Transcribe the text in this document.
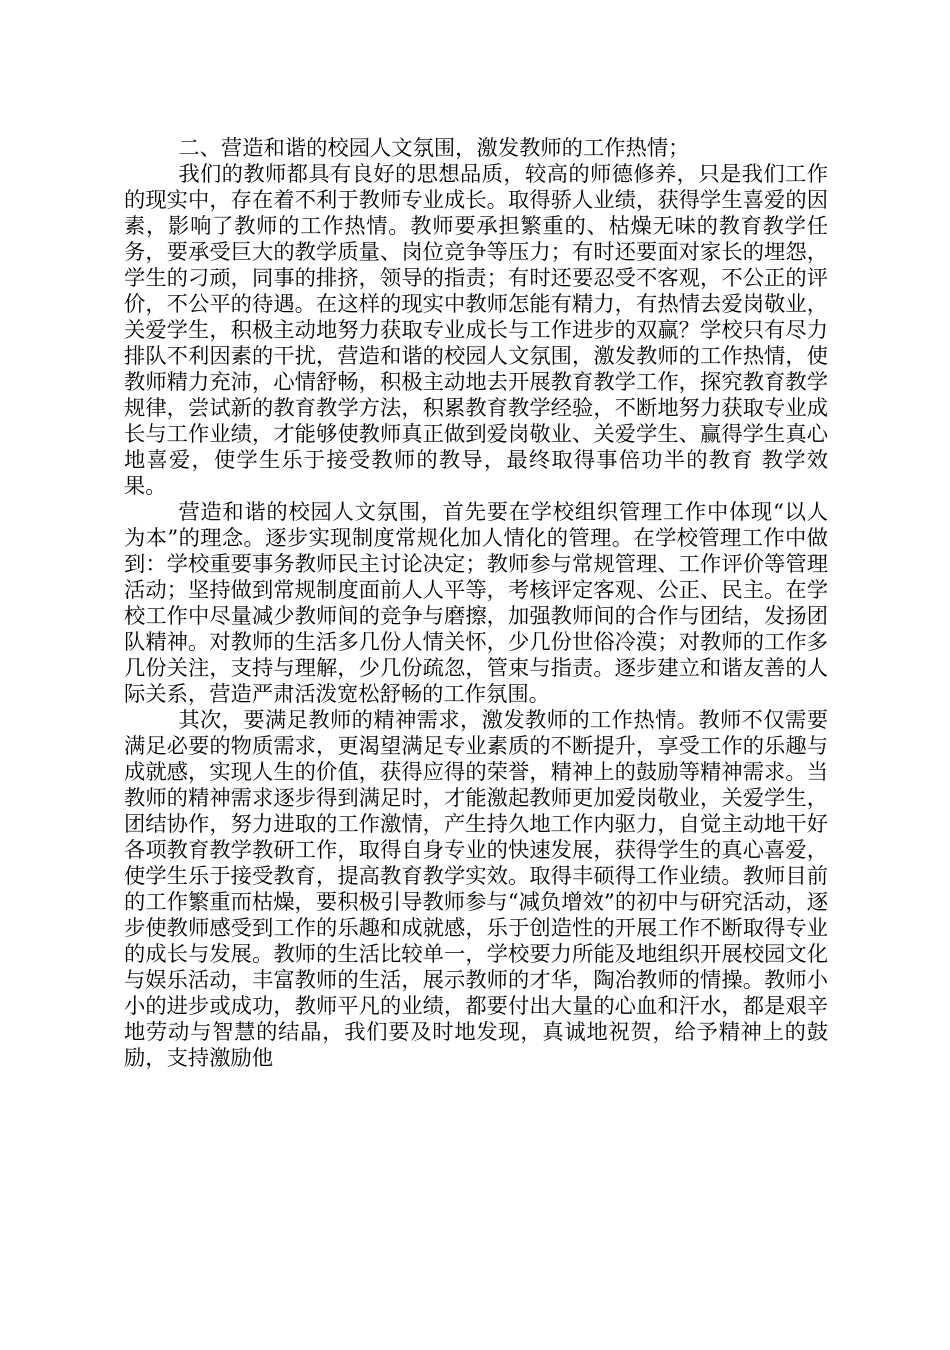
二、营造和谐的校园人文氛围，激发教师的工作热情；

我们的教师都具有良好的思想品质，较高的师德修养，只是我们工作的现实中，存在着不利于教师专业成长。取得骄人业绩，获得学生喜爱的因素，影响了教师的工作热情。教师要承担繁重的、枯燥无味的教育教学任务，要承受巨大的教学质量、岗位竞争等压力；有时还要面对家长的埋怨，学生的刁顽，同事的排挤，领导的指责；有时还要忍受不客观，不公正的评价，不公平的待遇。在这样的现实中教师怎能有精力，有热情去爱岗敬业，关爱学生，积极主动地努力获取专业成长与工作进步的双赢？学校只有尽力排队不利因素的干扰，营造和谐的校园人文氛围，激发教师的工作热情，使教师精力充沛，心情舒畅，积极主动地去开展教育教学工作，探究教育教学规律，尝试新的教育教学方法，积累教育教学经验，不断地努力获取专业成长与工作业绩，才能够使教师真正做到爱岗敬业、关爱学生、赢得学生真心地喜爱，使学生乐于接受教师的教导，最终取得事倍功半的教育 教学效果。

营造和谐的校园人文氛围，首先要在学校组织管理工作中体现“以人为本”的理念。逐步实现制度常规化加人情化的管理。在学校管理工作中做到：学校重要事务教师民主讨论决定；教师参与常规管理、工作评价等管理活动；坚持做到常规制度面前人人平等，考核评定客观、公正、民主。在学校工作中尽量减少教师间的竞争与磨擦，加强教师间的合作与团结，发扬团队精神。对教师的生活多几份人情关怀，少几份世俗冷漠；对教师的工作多几份关注，支持与理解，少几份疏忽，管束与指责。逐步建立和谐友善的人际关系，营造严肃活泼宽松舒畅的工作氛围。

其次，要满足教师的精神需求，激发教师的工作热情。教师不仅需要满足必要的物质需求，更渴望满足专业素质的不断提升，享受工作的乐趣与成就感，实现人生的价值，获得应得的荣誉，精神上的鼓励等精神需求。当教师的精神需求逐步得到满足时，才能激起教师更加爱岗敬业，关爱学生，团结协作，努力进取的工作激情，产生持久地工作内驱力，自觉主动地干好各项教育教学教研工作，取得自身专业的快速发展，获得学生的真心喜爱，使学生乐于接受教育，提高教育教学实效。取得丰硕得工作业绩。教师目前的工作繁重而枯燥，要积极引导教师参与“减负增效”的初中与研究活动，逐步使教师感受到工作的乐趣和成就感，乐于创造性的开展工作不断取得专业的成长与发展。教师的生活比较单一，学校要力所能及地组织开展校园文化与娱乐活动，丰富教师的生活，展示教师的才华，陶冶教师的情操。教师小小的进步或成功，教师平凡的业绩，都要付出大量的心血和汗水，都是艰辛地劳动与智慧的结晶，我们要及时地发现，真诚地祝贺，给予精神上的鼓励，支持激励他
